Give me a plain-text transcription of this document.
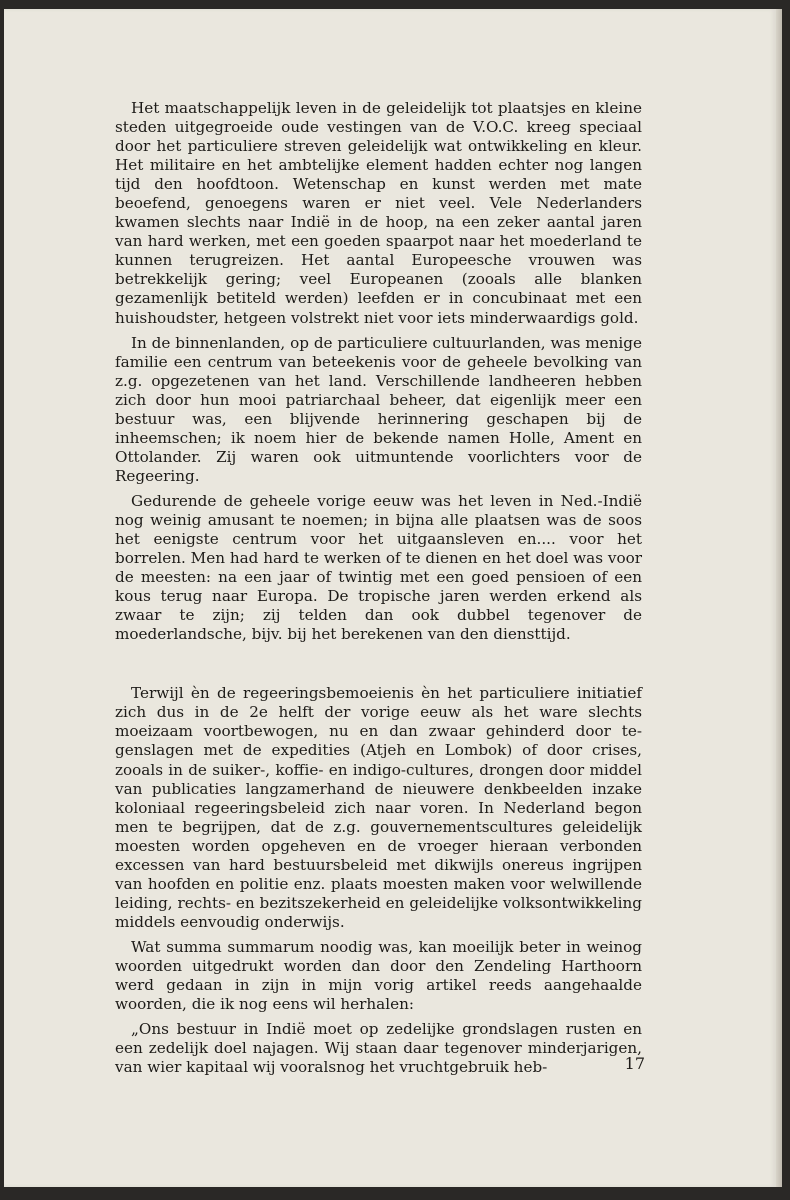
Het maatschappelijk leven in de geleidelijk tot plaatsjes en kleine steden uitgegroeide oude vestingen van de V.O.C. kreeg speciaal door het particuliere streven geleidelijk wat ontwikkeling en kleur. Het militaire en het ambtelijke element hadden echter nog langen tijd den hoofdtoon. Wetenschap en kunst werden met mate beoefend, genoegens waren er niet veel. Vele Nederlanders kwamen slechts naar Indië in de hoop, na een zeker aantal jaren van hard werken, met een goeden spaarpot naar het moederland te kunnen terugreizen. Het aantal Europeesche vrouwen was betrekkelijk gering; veel Europeanen (zooals alle blanken gezamenlijk betiteld werden) leefden er in concubinaat met een huishoudster, hetgeen volstrekt niet voor iets minderwaardigs gold.

In de binnenlanden, op de particuliere cultuurlanden, was menige familie een centrum van beteekenis voor de geheele bevolking van z.g. opgezetenen van het land. Verschillende landheeren hebben zich door hun mooi patriarchaal beheer, dat eigenlijk meer een bestuur was, een blijvende herinnering geschapen bij de inheemschen; ik noem hier de bekende namen Holle, Ament en Ottolander. Zij waren ook uitmuntende voorlichters voor de Regeering.

Gedurende de geheele vorige eeuw was het leven in Ned.-Indië nog weinig amusant te noemen; in bijna alle plaatsen was de soos het eenigste centrum voor het uitgaansleven en.... voor het borrelen. Men had hard te werken of te dienen en het doel was voor de meesten: na een jaar of twintig met een goed pensioen of een kous terug naar Europa. De tropische jaren werden erkend als zwaar te zijn; zij telden dan ook dubbel tegenover de moederlandsche, bijv. bij het berekenen van den diensttijd.

Terwijl èn de regeeringsbemoeienis èn het particuliere initiatief zich dus in de 2e helft der vorige eeuw als het ware slechts moeizaam voortbewogen, nu en dan zwaar gehinderd door tegenslagen met de expedities (Atjeh en Lombok) of door crises, zooals in de suiker-, koffie- en indigo-cultures, drongen door middel van publicaties langzamerhand de nieuwere denkbeelden inzake koloniaal regeeringsbeleid zich naar voren. In Nederland begon men te begrijpen, dat de z.g. gouvernementscultures geleidelijk moesten worden opgeheven en de vroeger hieraan verbonden excessen van hard bestuursbeleid met dikwijls onereus ingrijpen van hoofden en politie enz. plaats moesten maken voor welwillende leiding, rechts- en bezitszekerheid en geleidelijke volksontwikkeling middels eenvoudig onderwijs.

Wat summa summarum noodig was, kan moeilijk beter in weinog woorden uitgedrukt worden dan door den Zendeling Harthoorn werd gedaan in zijn in mijn vorig artikel reeds aangehaalde woorden, die ik nog eens wil herhalen:

„Ons bestuur in Indië moet op zedelijke grondslagen rusten en een zedelijk doel najagen. Wij staan daar tegenover minderjarigen, van wier kapitaal wij vooralsnog het vruchtgebruik heb-	17
